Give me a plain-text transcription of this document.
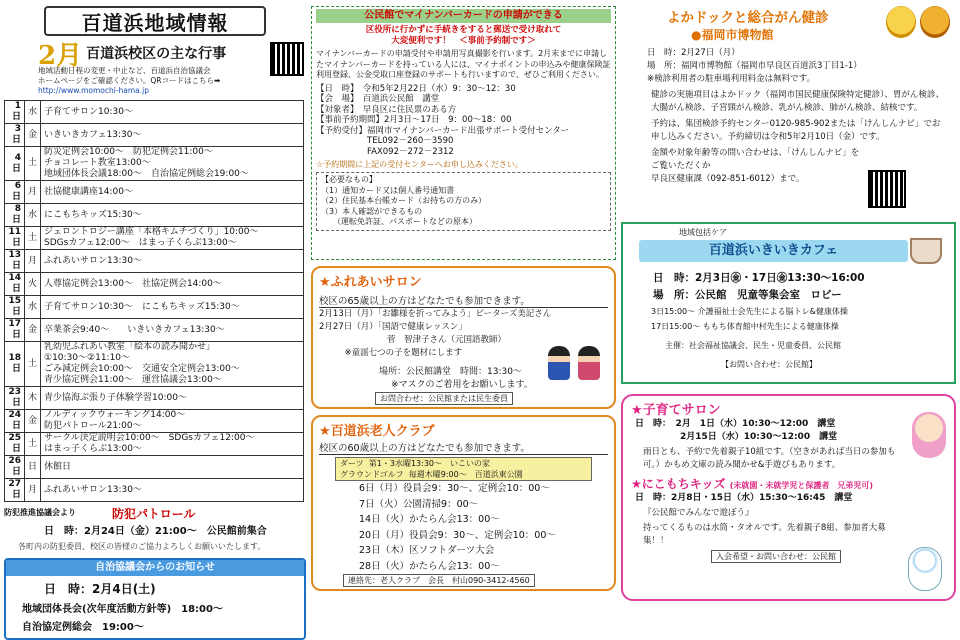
百道浜地域情報
2月 百道浜校区の主な行事
地域活動日程の変更・中止など、百道浜自治協議会
ホームページをご確認ください。QRコードはこちら➡
http://www.momochi-hama.jp
1日	水	子育てサロン10:30～
3日	金	いきいきカフェ13:30～
4日	土	防災定例会10:00～　防犯定例会11:00～
チョコレート教室13:00～
地域団体長会議18:00～　自治協定例総会19:00～
6日	月	社協健康講座14:00～
8日	水	にこもちキッズ15:30～
11日	土	ジェロントロジー講座「本格キムチづくり」10:00～
SDGsカフェ12:00～　はまっ子くらぶ13:00～
13日	月	ふれあいサロン13:30～
14日	火	人尊協定例会13:00～　社協定例会14:00～
15日	水	子育てサロン10:30～　にこもちキッズ15:30～
17日	金	卒業茶会9:40～　　いきいきカフェ13:30～
18日	土	乳幼児ふれあい教室「絵本の読み聞かせ」
①10:30～②11:10～
ごみ減定例会10:00～　交通安全定例会13:00～
青少協定例会11:00～　運営協議会13:00～
23日	木	青少協海ぶ張り子体験学習10:00～
24日	金	ノルディックウォーキング14:00～
防犯パトロール21:00～
25日	土	サークル決定説明会10:00～　SDGsカフェ12:00～
はまっ子くらぶ13:00～
26日	日	休館日
27日	月	ふれあいサロン13:30～
防犯推進協議会より	防犯パトロール
日　時：2月24日（金）21:00～　公民館前集合
各町内の防犯委員、校区の皆様のご協力よろしくお願いいたします。
自治協議会からのお知らせ
日　時：2月4日(土)
地域団体長会(次年度活動方針等)　18:00～
自治協定例総会　19:00～
公民館でマイナンバーカードの申請ができる
区役所に行かずに手続きをすると郵送で受け取れて
大変便利です！　＜事前予約制です＞
マイナンバーカードの申請受付や申請用写真撮影を行います。2月末までに申請したマイナンバーカードを持っている人には、マイナポイントの申込みや健康保険証利用登録、公金受取口座登録のサポートも行いますので、ぜひご利用ください。
【日　時】　令和5年2月22日（水）9：30～12：30
【会　場】　百道浜公民館　講堂
【対象者】　早良区に住民票のある方
【事前予約期間】2月3日～17日　9：00～18：00
【予約受付】福岡市マイナンバーカード出張サポート受付センター
　　　　　　TEL092－260－3590
　　　　　　FAX092－272－2312
☆予約期間に上記の受付センターへお申し込みください。
【必要なもの】
（1）通知カード又は個人番号通知書
（2）住民基本台帳カード（お持ちの方のみ）
（3）本人確認ができるもの
　　（運転免許証、パスポートなどの原本）
★ふれあいサロン
校区の65歳以上の方はどなたでも参加できます。
2月13日（月）「お雛様を折ってみよう」ピーターズ美記さん
2月27日（月）「国語で健康レッスン」
　　　　　　　　菅　智津子さん（元国語教師）
　　　※童謡七つの子を題材にします
場所：公民館講堂　時間：13:30～
※マスクのご着用をお願いします。
お問合わせ：公民館または民生委員
★百道浜老人クラブ
校区の60歳以上の方はどなたでも参加できます。
ダーツ  第1・3水曜13:30～　いこいの家
グラウンドゴルフ  毎週木曜9:00～　百道浜東公園
6日（月）役員会9：30～、定例会10：00～
7日（火）公園清掃9：00～
14日（火）かたらん会13：00～
20日（月）役員会9：30～、定例会10：00～
23日（木）区ソフトダーツ大会
28日（火）かたらん会13：00～
連絡先：老人クラブ　会長　村山090-3412-4560
よかドックと総合がん健診
●福岡市博物館
日　時：2月27日（月）
場　所：福岡市博物館（福岡市早良区百道浜3丁目1-1）
※検診利用者の駐車場利用料金は無料です。
健診の実施項目はよかドック（福岡市国民健康保険特定健診）、胃がん検診、大腸がん検診、子宮頸がん検診、乳がん検診、肺がん検診、結核です。
予約は、集団検診予約センター0120-985-902または「けんしんナビ」でお申し込みください。予約締切は令和5年2月10日（金）です。
金額や対象年齢等の問い合わせは、「けんしんナビ」をご覧いただくか
早良区健康課（092-851-6012）まで。
地域包括ケア
百道浜いきいきカフェ
日　時：2月3日㊎・17日㊎13:30～16:00
場　所：公民館　児童等集会室　ロビー
3日15:00～ 介護福祉士会先生による脳トレ&健康体操
17日15:00～ ももち体育館中村先生による健康体操
主催：社会福祉協議会、民生・児童委員、公民館
【お問い合わせ：公民館】
★子育てサロン
日　時：　2月　1日（水）10:30～12:00　講堂
　　　　　2月15日（水）10:30～12:00　講堂
雨日とも、予約で先着親子10組です。（空きがあれば当日の参加も可。）かもめ文庫の読み聞かせ&手遊びもあります。
★にこもちキッズ (未就園・未就学児と保護者　兄弟児可)
日　時：2月8日・15日（水）15:30～16:45　講堂
『公民館でみんなで遊ぼう』
持ってくるものは水筒・タオルです。先着親子8組、参加者大募集！！
入会希望・お問い合わせ：公民館
